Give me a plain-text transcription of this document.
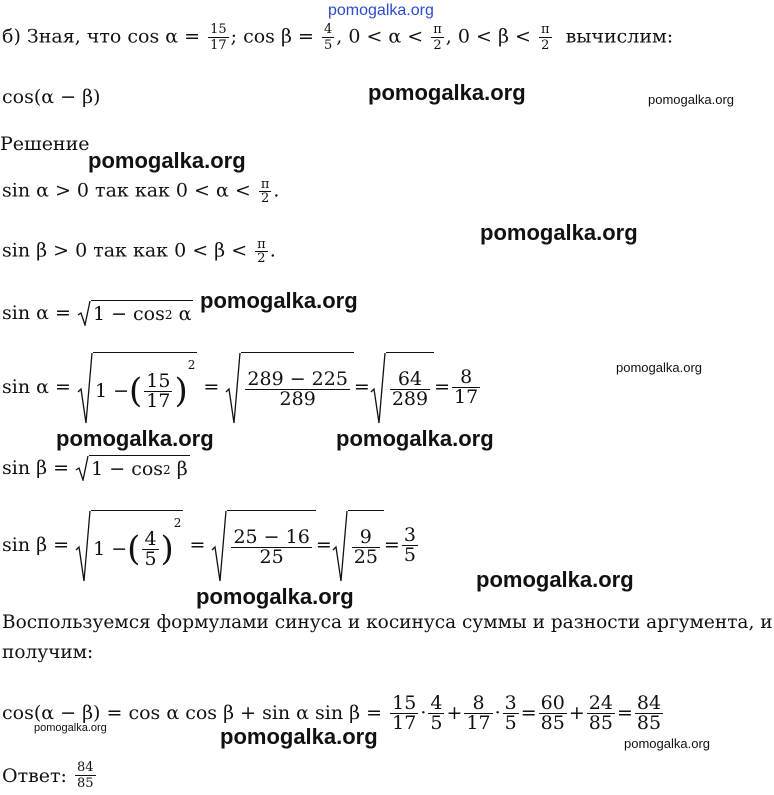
pomogalka.org
б) Зная, что $\cos \alpha = \frac{15}{17}$ ; $\cos \beta = \frac{4}{5}$ , $0 < \alpha < \frac{\pi}{2}$ , $0 < \beta < \frac{\pi}{2}$ вычислим:
cos(α − β)	pomogalka.org	pomogalka.org
Решение
pomogalka.org
sin α > 0 так как $0 < \alpha < \frac{\pi}{2}$ .
pomogalka.org
sin β > 0 так как $0 < \beta < \frac{\pi}{2}$ .
sin α =
1 − cos 2
α
pomogalka.org
sin α =
1 − ( $\frac{15}{17}$ )
2

=
$\frac{289 - 225}{289} = \frac{64}{289} = \frac{8}{17}$
pomogalka.org
pomogalka.org	pomogalka.org
sin β =
1 − cos 2
β
sin β =
1 − ( $\frac{4}{5}$ )
2

=
$\frac{25 - 16}{25} = \frac{9}{25} = \frac{3}{5}$
pomogalka.org
pomogalka.org
Воспользуемся формулами синуса и косинуса суммы и разности аргумента, и
получим:
cos(α − β) = cos α cos β + sin α sin β =
$\frac{15}{17} \cdot \frac{4}{5} + \frac{8}{17} \cdot \frac{3}{5} = \frac{60}{85} + \frac{24}{85} = \frac{84}{85}$
pomogalka.org	pomogalka.org	pomogalka.org
Ответ:
$\frac{84}{85}$
